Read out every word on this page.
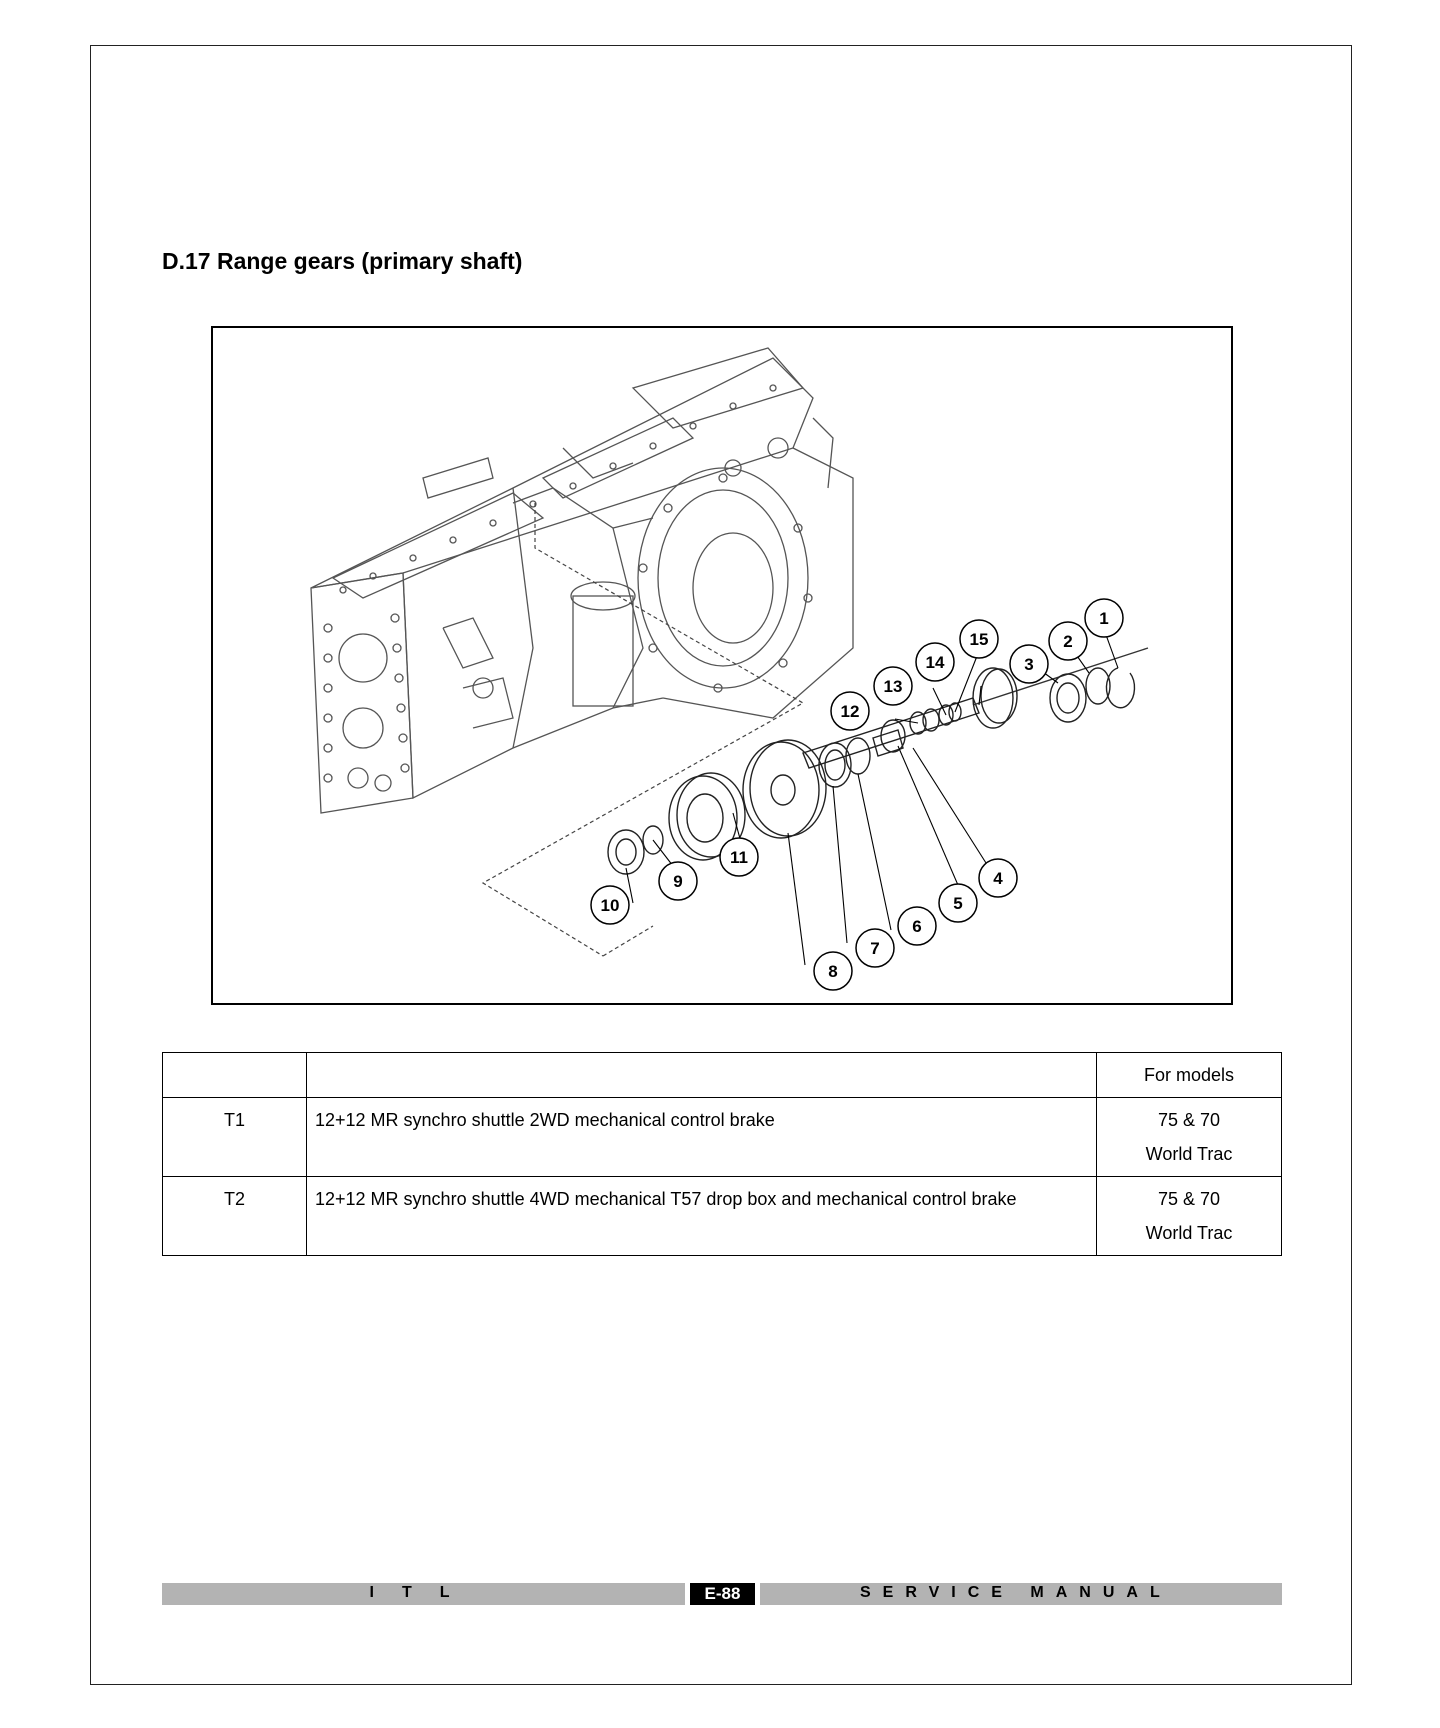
D.17 Range gears (primary shaft)
1
2
3
4
5
6
7
8
9
10
11
12
13
14
15
		For models
T1	12+12 MR synchro shuttle 2WD mechanical control brake	75 & 70
World Trac

T2	12+12 MR synchro shuttle 4WD mechanical T57 drop box and mechanical control brake	75 & 70
World Trac
ITL	E-88	SERVICE MANUAL
